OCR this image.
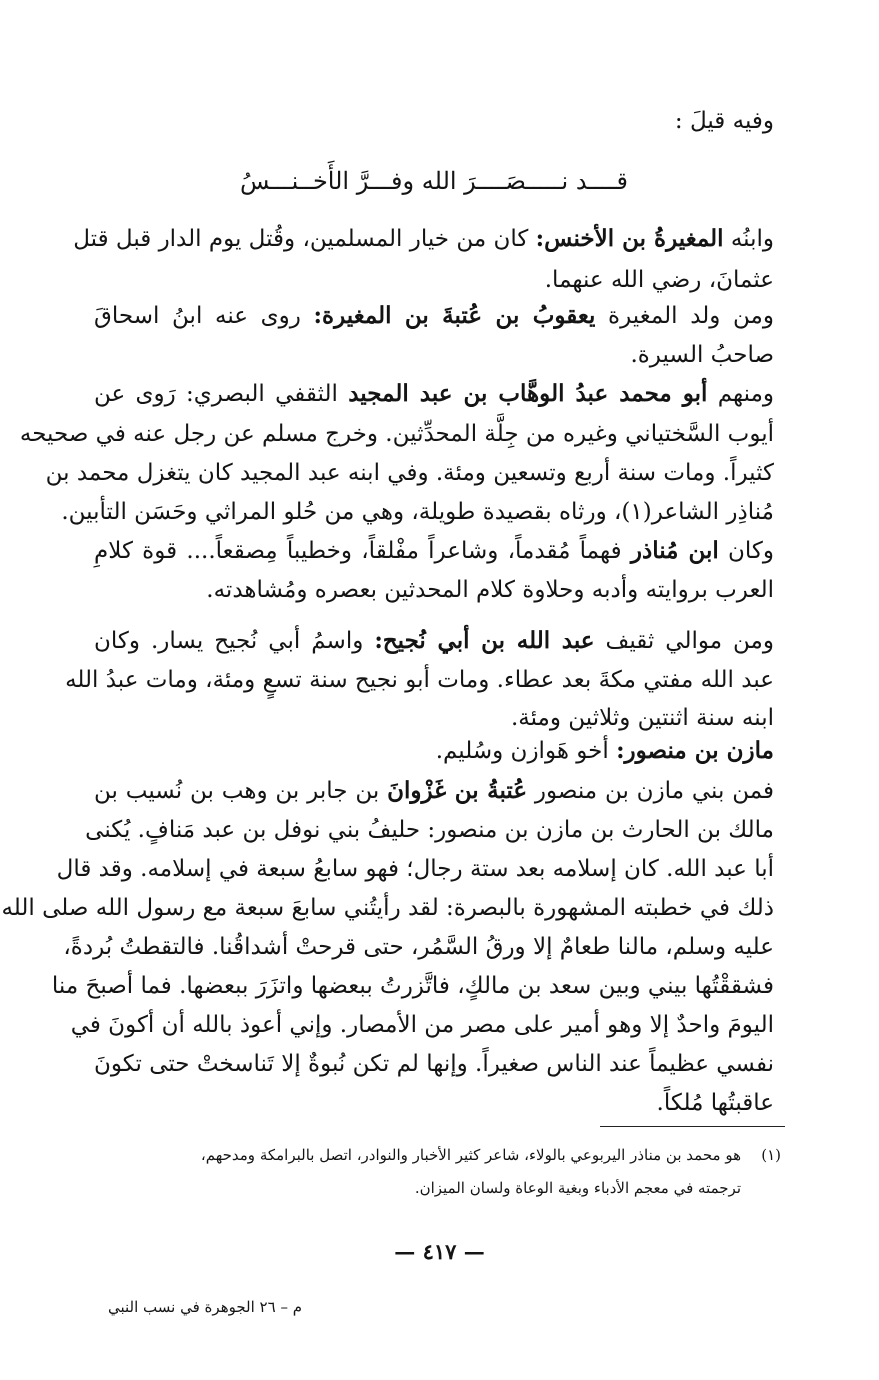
وفيه قيلَ :
قــــد نـــــصَــــرَ الله وفـــرَّ الأَخــنـــسُ
وابنُه المغيرةُ بن الأخنس: كان من خيار المسلمين، وقُتل يوم الدار قبل قتل
عثمانَ، رضي الله عنهما.
ومن ولد المغيرة يعقوبُ بن عُتبةَ بن المغيرة: روى عنه ابنُ اسحاقَ
صاحبُ السيرة.
ومنهم أبو محمد عبدُ الوهَّاب بن عبد المجيد الثقفي البصري: رَوى عن
أيوب السَّختياني وغيره من جِلَّة المحدِّثين. وخرج مسلم عن رجل عنه في صحيحه
كثيراً. ومات سنة أربع وتسعين ومئة. وفي ابنه عبد المجيد كان يتغزل محمد بن
مُناذِر الشاعر(١)، ورثاه بقصيدة طويلة، وهي من حُلو المراثي وحَسَن التأبين.
وكان ابن مُناذر فهماً مُقدماً، وشاعراً مفْلقاً، وخطيباً مِصقعاً.... قوة كلامِ
العرب بروايته وأدبه وحلاوة كلام المحدثين بعصره ومُشاهدته.
ومن موالي ثقيف عبد الله بن أبي نُجيح: واسمُ أبي نُجيح يسار. وكان
عبد الله مفتي مكةَ بعد عطاء. ومات أبو نجيح سنة تسعٍ ومئة، ومات عبدُ الله
ابنه سنة اثنتين وثلاثين ومئة.
مازن بن منصور: أخو هَوازن وسُليم.
فمن بني مازن بن منصور عُتبةُ بن غَزْوانَ بن جابر بن وهب بن نُسيب بن
مالك بن الحارث بن مازن بن منصور: حليفُ بني نوفل بن عبد مَنافٍ. يُكنى
أبا عبد الله. كان إسلامه بعد ستة رجال؛ فهو سابعُ سبعة في إسلامه. وقد قال
ذلك في خطبته المشهورة بالبصرة: لقد رأيتُني سابعَ سبعة مع رسول الله صلى الله
عليه وسلم، مالنا طعامٌ إلا ورقُ السَّمُر، حتى قرحتْ أشداقُنا. فالتقطتُ بُردةً،
فشققْتُها بيني وبين سعد بن مالكٍ، فاتَّزرتُ ببعضها واتزَرَ ببعضها. فما أصبحَ منا
اليومَ واحدٌ إلا وهو أمير على مصر من الأمصار. وإني أعوذ بالله أن أكونَ في
نفسي عظيماً عند الناس صغيراً. وإنها لم تكن نُبوةٌ إلا تَناسختْ حتى تكونَ
عاقبتُها مُلكاً.
(١)هو محمد بن مناذر اليربوعي بالولاء، شاعر كثير الأخبار والنوادر، اتصل بالبرامكة ومدحهم،
ترجمته في معجم الأدباء وبغية الوعاة ولسان الميزان.
— ٤١٧ —
م – ٢٦ الجوهرة في نسب النبي
